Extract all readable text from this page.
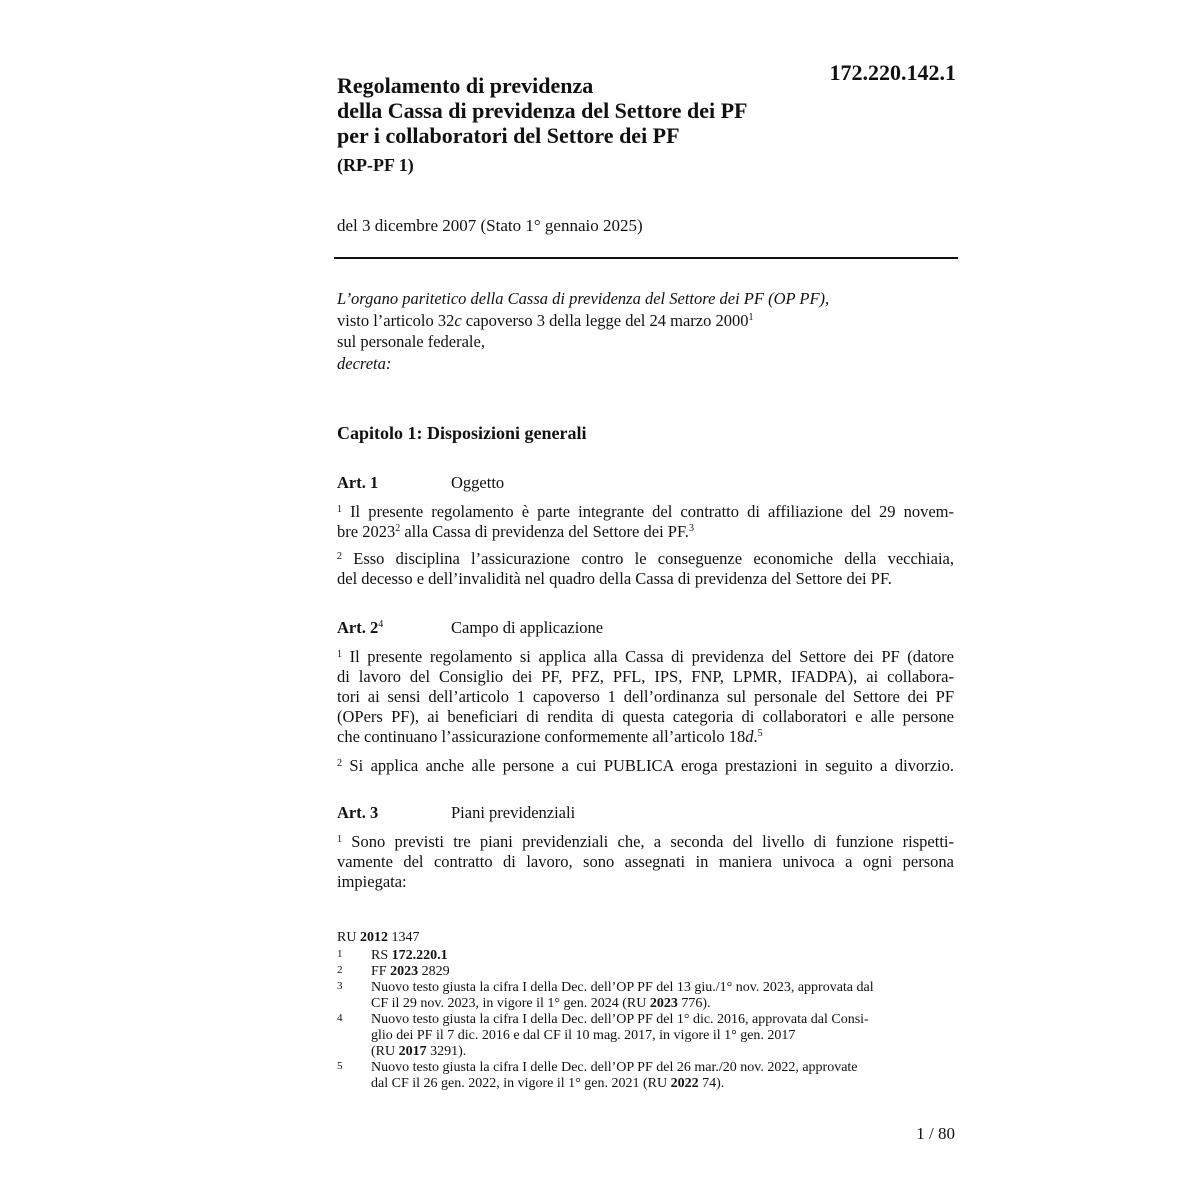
172.220.142.1
Regolamento di previdenza
della Cassa di previdenza del Settore dei PF
per i collaboratori del Settore dei PF
(RP-PF 1)
del 3 dicembre 2007 (Stato 1° gennaio 2025)
L’organo paritetico della Cassa di previdenza del Settore dei PF (OP PF),
visto l’articolo 32c capoverso 3 della legge del 24 marzo 2000$^1$
sul personale federale,
decreta:
Capitolo 1: Disposizioni generali
Art. 1	Oggetto
$^1$ Il presente regolamento è parte integrante del contratto di affiliazione del 29 novem-
bre 2023$^2$ alla Cassa di previdenza del Settore dei PF.$^3$
$^2$ Esso disciplina l’assicurazione contro le conseguenze economiche della vecchiaia,
del decesso e dell’invalidità nel quadro della Cassa di previdenza del Settore dei PF.
Art. $2^4$	Campo di applicazione
$^1$ Il presente regolamento si applica alla Cassa di previdenza del Settore dei PF (datore
di lavoro del Consiglio dei PF, PFZ, PFL, IPS, FNP, LPMR, IFADPA), ai collabora-
tori ai sensi dell’articolo 1 capoverso 1 dell’ordinanza sul personale del Settore dei PF
(OPers PF), ai beneficiari di rendita di questa categoria di collaboratori e alle persone
che continuano l’assicurazione conformemente all’articolo 18d.$^5$
$^2$ Si applica anche alle persone a cui PUBLICA eroga prestazioni in seguito a divorzio.
Art. 3	Piani previdenziali
$^1$ Sono previsti tre piani previdenziali che, a seconda del livello di funzione rispetti-
vamente del contratto di lavoro, sono assegnati in maniera univoca a ogni persona
impiegata:
RU 2012 1347
1 RS 172.220.1
2 FF 2023 2829
3 Nuovo testo giusta la cifra I della Dec. dell’OP PF del 13 giu./1° nov. 2023, approvata dal
CF il 29 nov. 2023, in vigore il 1° gen. 2024 (RU 2023 776).
4 Nuovo testo giusta la cifra I della Dec. dell’OP PF del 1° dic. 2016, approvata dal Consi-
glio dei PF il 7 dic. 2016 e dal CF il 10 mag. 2017, in vigore il 1° gen. 2017
(RU 2017 3291).
5 Nuovo testo giusta la cifra I delle Dec. dell’OP PF del 26 mar./20 nov. 2022, approvate
dal CF il 26 gen. 2022, in vigore il 1° gen. 2021 (RU 2022 74).
1 / 80
